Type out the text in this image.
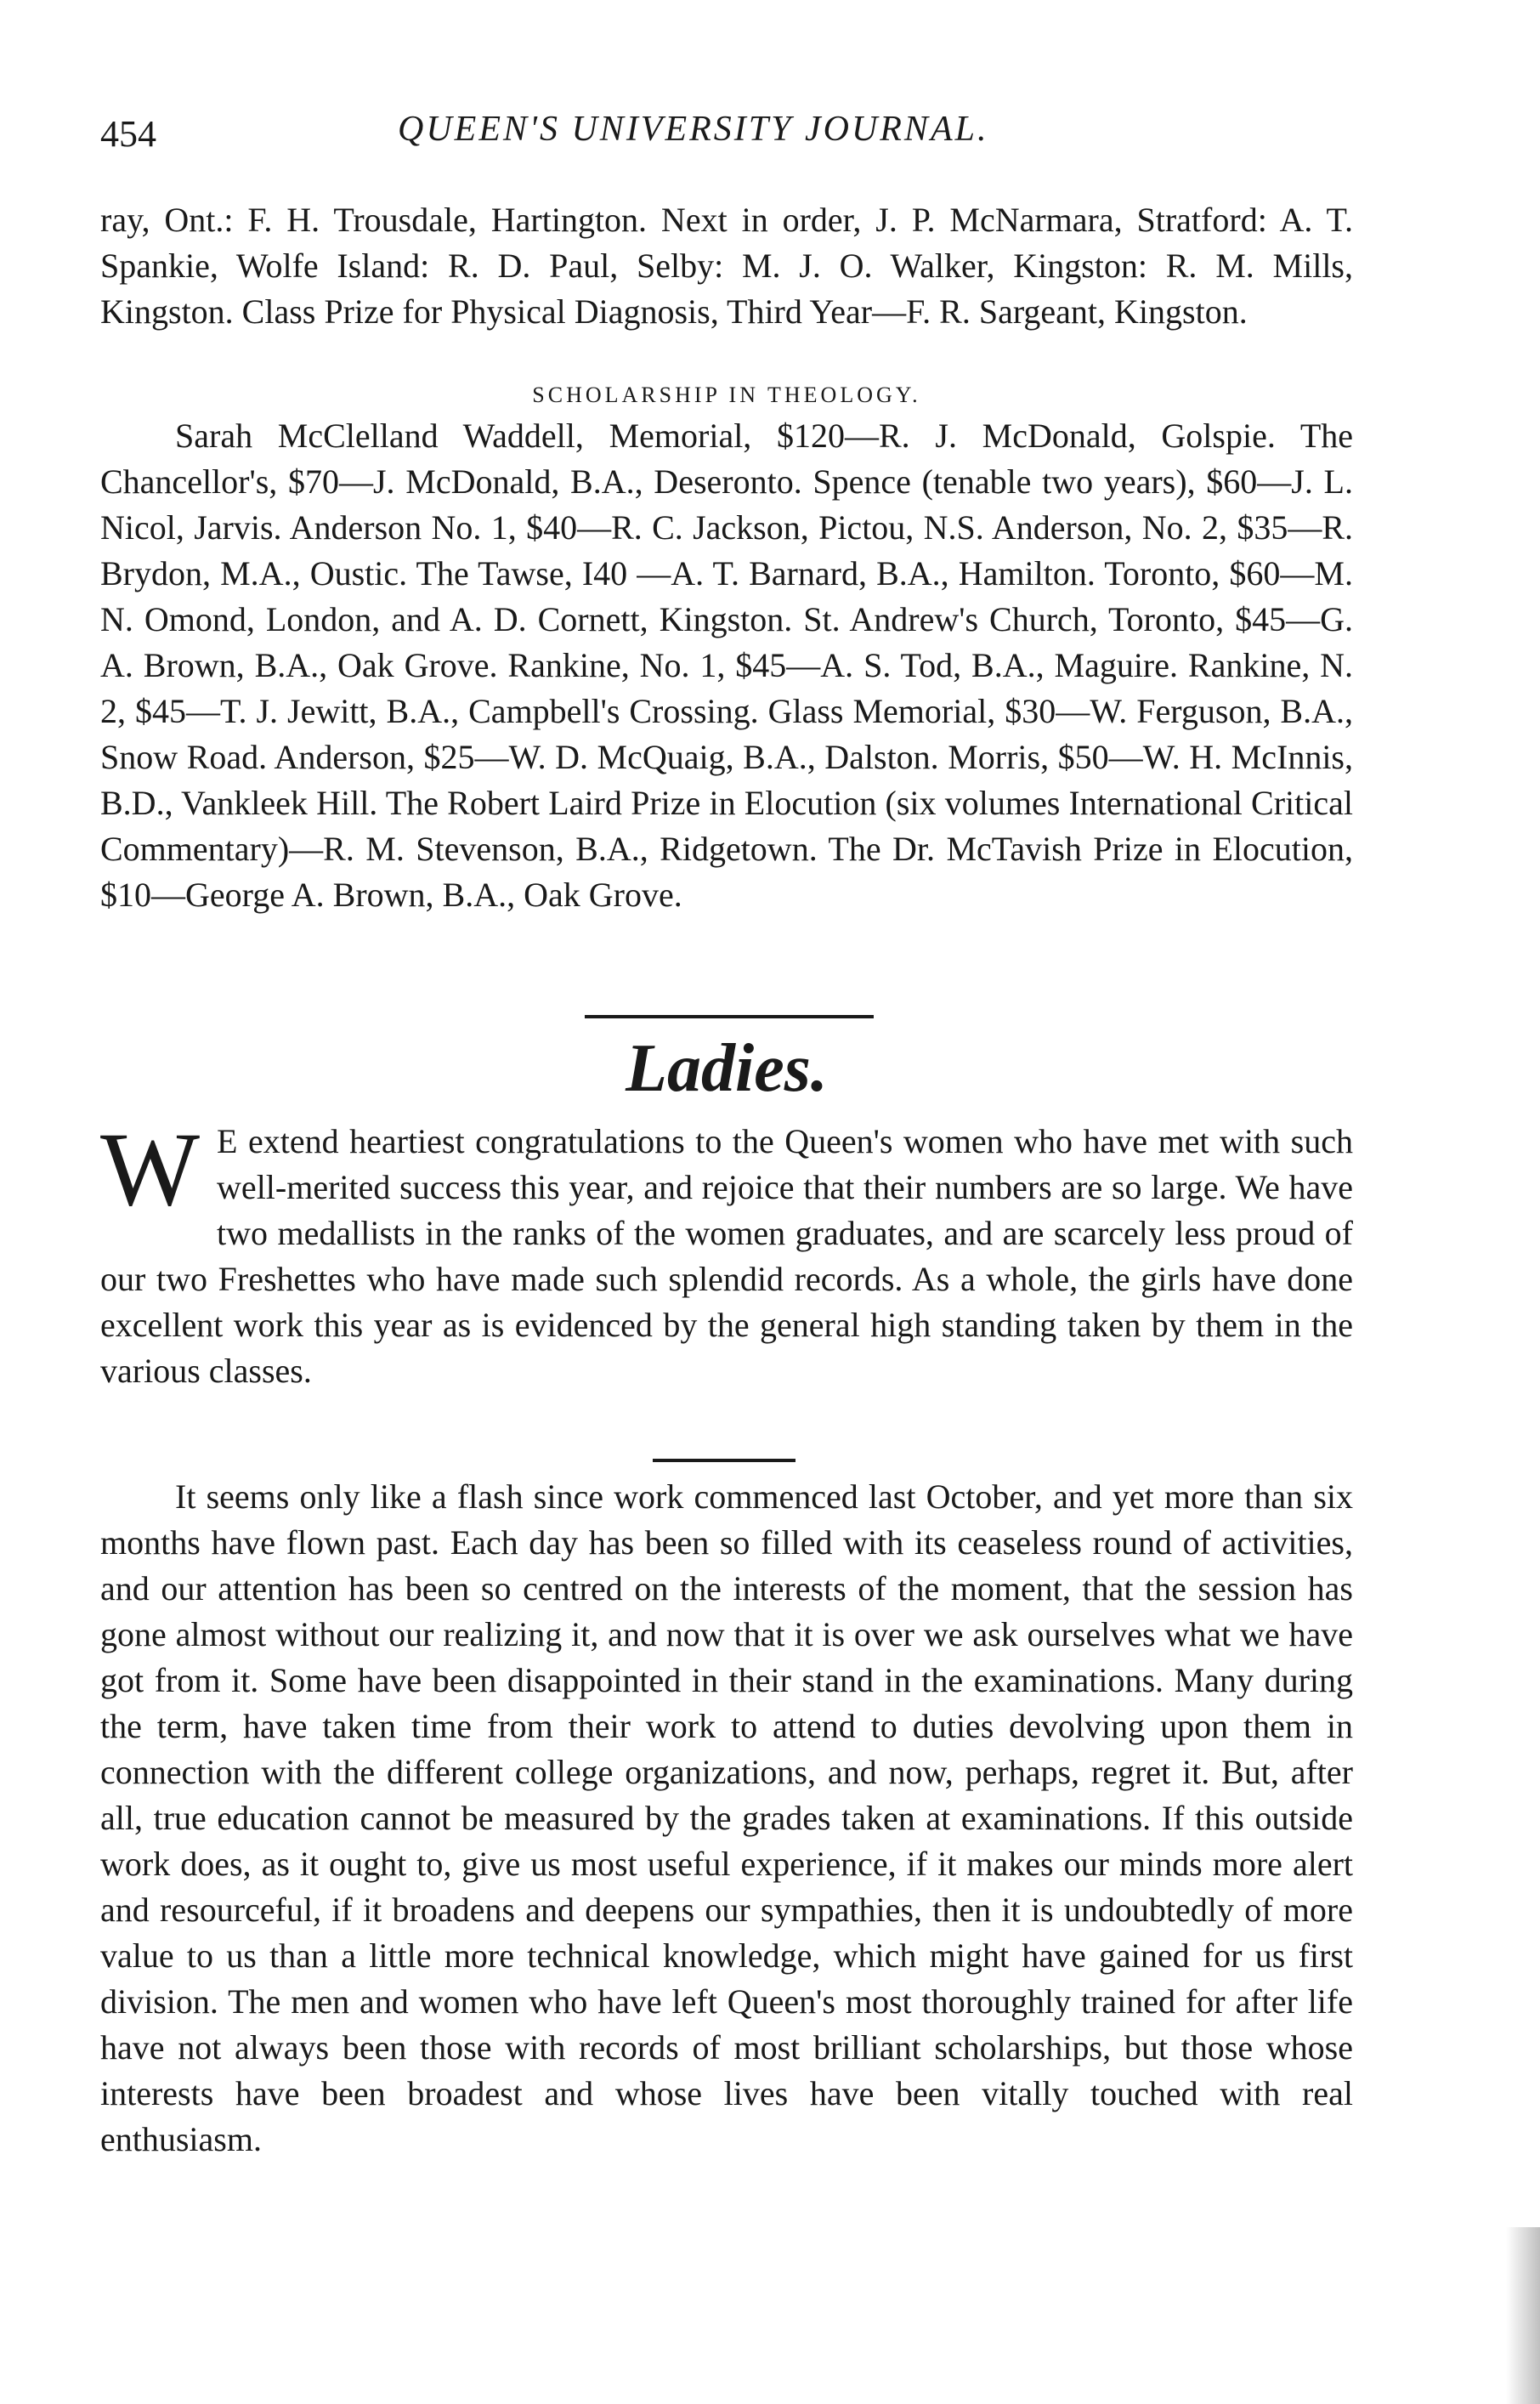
454	QUEEN'S UNIVERSITY JOURNAL.

ray, Ont.: F. H. Trousdale, Hartington. Next in order, J. P. McNarmara, Stratford: A. T. Spankie, Wolfe Island: R. D. Paul, Selby: M. J. O. Walker, Kingston: R. M. Mills, Kingston. Class Prize for Physical Diagnosis, Third Year—F. R. Sargeant, Kingston.

SCHOLARSHIP IN THEOLOGY.

Sarah McClelland Waddell, Memorial, $120—R. J. McDonald, Golspie. The Chancellor's, $70—J. McDonald, B.A., Deseronto. Spence (tenable two years), $60—J. L. Nicol, Jarvis. Anderson No. 1, $40—R. C. Jackson, Pictou, N.S. Anderson, No. 2, $35—R. Brydon, M.A., Oustic. The Tawse, I40 —A. T. Barnard, B.A., Hamilton. Toronto, $60—M. N. Omond, London, and A. D. Cornett, Kingston. St. Andrew's Church, Toronto, $45—G. A. Brown, B.A., Oak Grove. Rankine, No. 1, $45—A. S. Tod, B.A., Maguire. Rankine, N. 2, $45—T. J. Jewitt, B.A., Campbell's Crossing. Glass Memorial, $30—W. Ferguson, B.A., Snow Road. Anderson, $25—W. D. McQuaig, B.A., Dalston. Morris, $50—W. H. McInnis, B.D., Vankleek Hill. The Robert Laird Prize in Elocution (six volumes International Critical Commentary)—R. M. Stevenson, B.A., Ridgetown. The Dr. McTavish Prize in Elocution, $10—George A. Brown, B.A., Oak Grove.

Ladies.

W E extend heartiest congratulations to the Queen's women who have met with such well-merited success this year, and rejoice that their numbers are so large. We have two medallists in the ranks of the women graduates, and are scarcely less proud of our two Freshettes who have made such splendid records. As a whole, the girls have done excellent work this year as is evidenced by the general high standing taken by them in the various classes.

It seems only like a flash since work commenced last October, and yet more than six months have flown past. Each day has been so filled with its ceaseless round of activities, and our attention has been so centred on the interests of the moment, that the session has gone almost without our realizing it, and now that it is over we ask ourselves what we have got from it. Some have been disappointed in their stand in the examinations. Many during the term, have taken time from their work to attend to duties devolving upon them in connection with the different college organizations, and now, perhaps, regret it. But, after all, true education cannot be measured by the grades taken at examinations. If this outside work does, as it ought to, give us most useful experience, if it makes our minds more alert and resourceful, if it broadens and deepens our sympathies, then it is undoubtedly of more value to us than a little more technical knowledge, which might have gained for us first division. The men and women who have left Queen's most thoroughly trained for after life have not always been those with records of most brilliant scholarships, but those whose interests have been broadest and whose lives have been vitally touched with real enthusiasm.
